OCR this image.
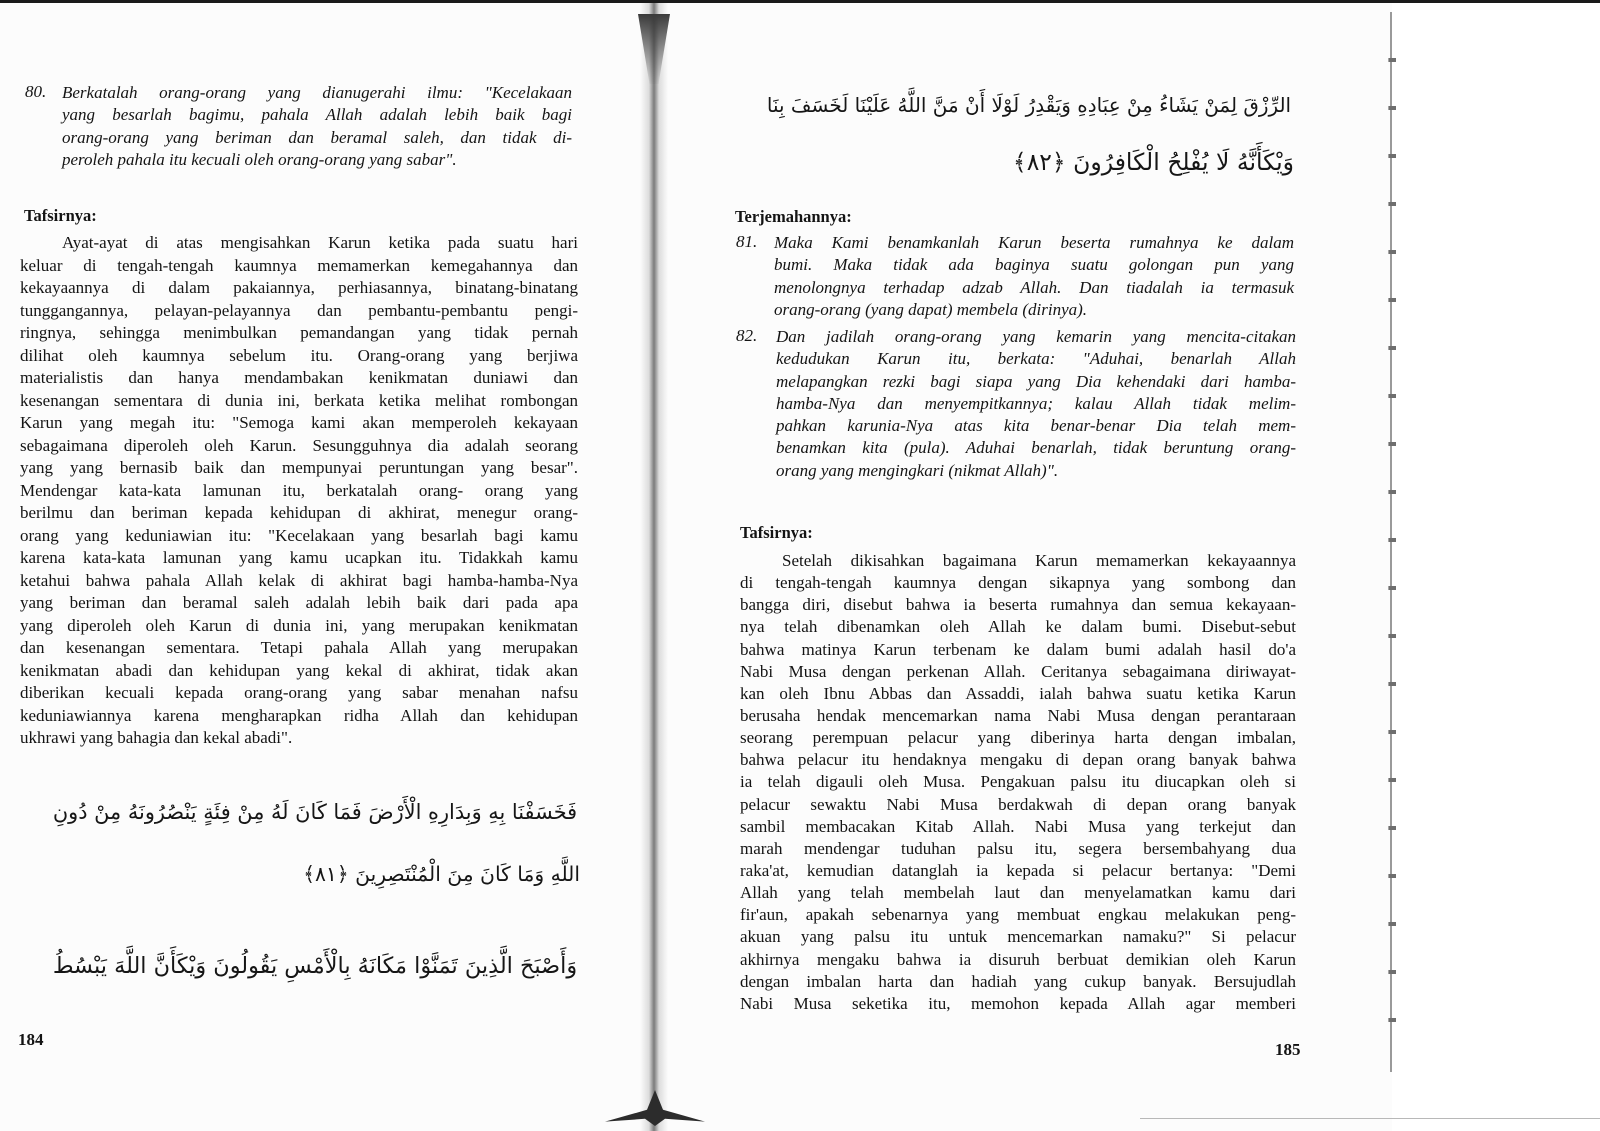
80. Berkatalah orang-orang yang dianugerahi ilmu: "Kecelakaan
yang besarlah bagimu, pahala Allah adalah lebih baik bagi
orang-orang yang beriman dan beramal saleh, dan tidak di-
peroleh pahala itu kecuali oleh orang-orang yang sabar".
Tafsirnya:
Ayat-ayat di atas mengisahkan Karun ketika pada suatu hari
keluar di tengah-tengah kaumnya memamerkan kemegahannya dan
kekayaannya di dalam pakaiannya, perhiasannya, binatang-binatang
tunggangannya, pelayan-pelayannya dan pembantu-pembantu pengi-
ringnya, sehingga menimbulkan pemandangan yang tidak pernah
dilihat oleh kaumnya sebelum itu. Orang-orang yang berjiwa
materialistis dan hanya mendambakan kenikmatan duniawi dan
kesenangan sementara di dunia ini, berkata ketika melihat rombongan
Karun yang megah itu: "Semoga kami akan memperoleh kekayaan
sebagaimana diperoleh oleh Karun. Sesungguhnya dia adalah seorang
yang yang bernasib baik dan mempunyai peruntungan yang besar".
Mendengar kata-kata lamunan itu, berkatalah orang- orang yang
berilmu dan beriman kepada kehidupan di akhirat, menegur orang-
orang yang keduniawian itu: "Kecelakaan yang besarlah bagi kamu
karena kata-kata lamunan yang kamu ucapkan itu. Tidakkah kamu
ketahui bahwa pahala Allah kelak di akhirat bagi hamba-hamba-Nya
yang beriman dan beramal saleh adalah lebih baik dari pada apa
yang diperoleh oleh Karun di dunia ini, yang merupakan kenikmatan
dan kesenangan sementara. Tetapi pahala Allah yang merupakan
kenikmatan abadi dan kehidupan yang kekal di akhirat, tidak akan
diberikan kecuali kepada orang-orang yang sabar menahan nafsu
keduniawiannya karena mengharapkan ridha Allah dan kehidupan
ukhrawi yang bahagia dan kekal abadi".
فَخَسَفْنَا بِهِ وَبِدَارِهِ الْأَرْضَ فَمَا كَانَ لَهُ مِنْ فِئَةٍ يَنْصُرُونَهُ مِنْ دُونِ
اللَّهِ وَمَا كَانَ مِنَ الْمُنْتَصِرِينَ ﴿٨١﴾
وَأَصْبَحَ الَّذِينَ تَمَنَّوْا مَكَانَهُ بِالْأَمْسِ يَقُولُونَ وَيْكَأَنَّ اللَّهَ يَبْسُطُ
184
الرِّزْقَ لِمَنْ يَشَاءُ مِنْ عِبَادِهِ وَيَقْدِرُ لَوْلَا أَنْ مَنَّ اللَّهُ عَلَيْنَا لَخَسَفَ بِنَا
وَيْكَأَنَّهُ لَا يُفْلِحُ الْكَافِرُونَ ﴿٨٢﴾
Terjemahannya:
81. Maka Kami benamkanlah Karun beserta rumahnya ke dalam
bumi. Maka tidak ada baginya suatu golongan pun yang
menolongnya terhadap adzab Allah. Dan tiadalah ia termasuk
orang-orang (yang dapat) membela (dirinya).
82. Dan jadilah orang-orang yang kemarin yang mencita-citakan
kedudukan Karun itu, berkata: "Aduhai, benarlah Allah
melapangkan rezki bagi siapa yang Dia kehendaki dari hamba-
hamba-Nya dan menyempitkannya; kalau Allah tidak melim-
pahkan karunia-Nya atas kita benar-benar Dia telah mem-
benamkan kita (pula). Aduhai benarlah, tidak beruntung orang-
orang yang mengingkari (nikmat Allah)".
Tafsirnya:
Setelah dikisahkan bagaimana Karun memamerkan kekayaannya
di tengah-tengah kaumnya dengan sikapnya yang sombong dan
bangga diri, disebut bahwa ia beserta rumahnya dan semua kekayaan-
nya telah dibenamkan oleh Allah ke dalam bumi. Disebut-sebut
bahwa matinya Karun terbenam ke dalam bumi adalah hasil do'a
Nabi Musa dengan perkenan Allah. Ceritanya sebagaimana diriwayat-
kan oleh Ibnu Abbas dan Assaddi, ialah bahwa suatu ketika Karun
berusaha hendak mencemarkan nama Nabi Musa dengan perantaraan
seorang perempuan pelacur yang diberinya harta dengan imbalan,
bahwa pelacur itu hendaknya mengaku di depan orang banyak bahwa
ia telah digauli oleh Musa. Pengakuan palsu itu diucapkan oleh si
pelacur sewaktu Nabi Musa berdakwah di depan orang banyak
sambil membacakan Kitab Allah. Nabi Musa yang terkejut dan
marah mendengar tuduhan palsu itu, segera bersembahyang dua
raka'at, kemudian datanglah ia kepada si pelacur bertanya: "Demi
Allah yang telah membelah laut dan menyelamatkan kamu dari
fir'aun, apakah sebenarnya yang membuat engkau melakukan peng-
akuan yang palsu itu untuk mencemarkan namaku?" Si pelacur
akhirnya mengaku bahwa ia disuruh berbuat demikian oleh Karun
dengan imbalan harta dan hadiah yang cukup banyak. Bersujudlah
Nabi Musa seketika itu, memohon kepada Allah agar memberi
185
